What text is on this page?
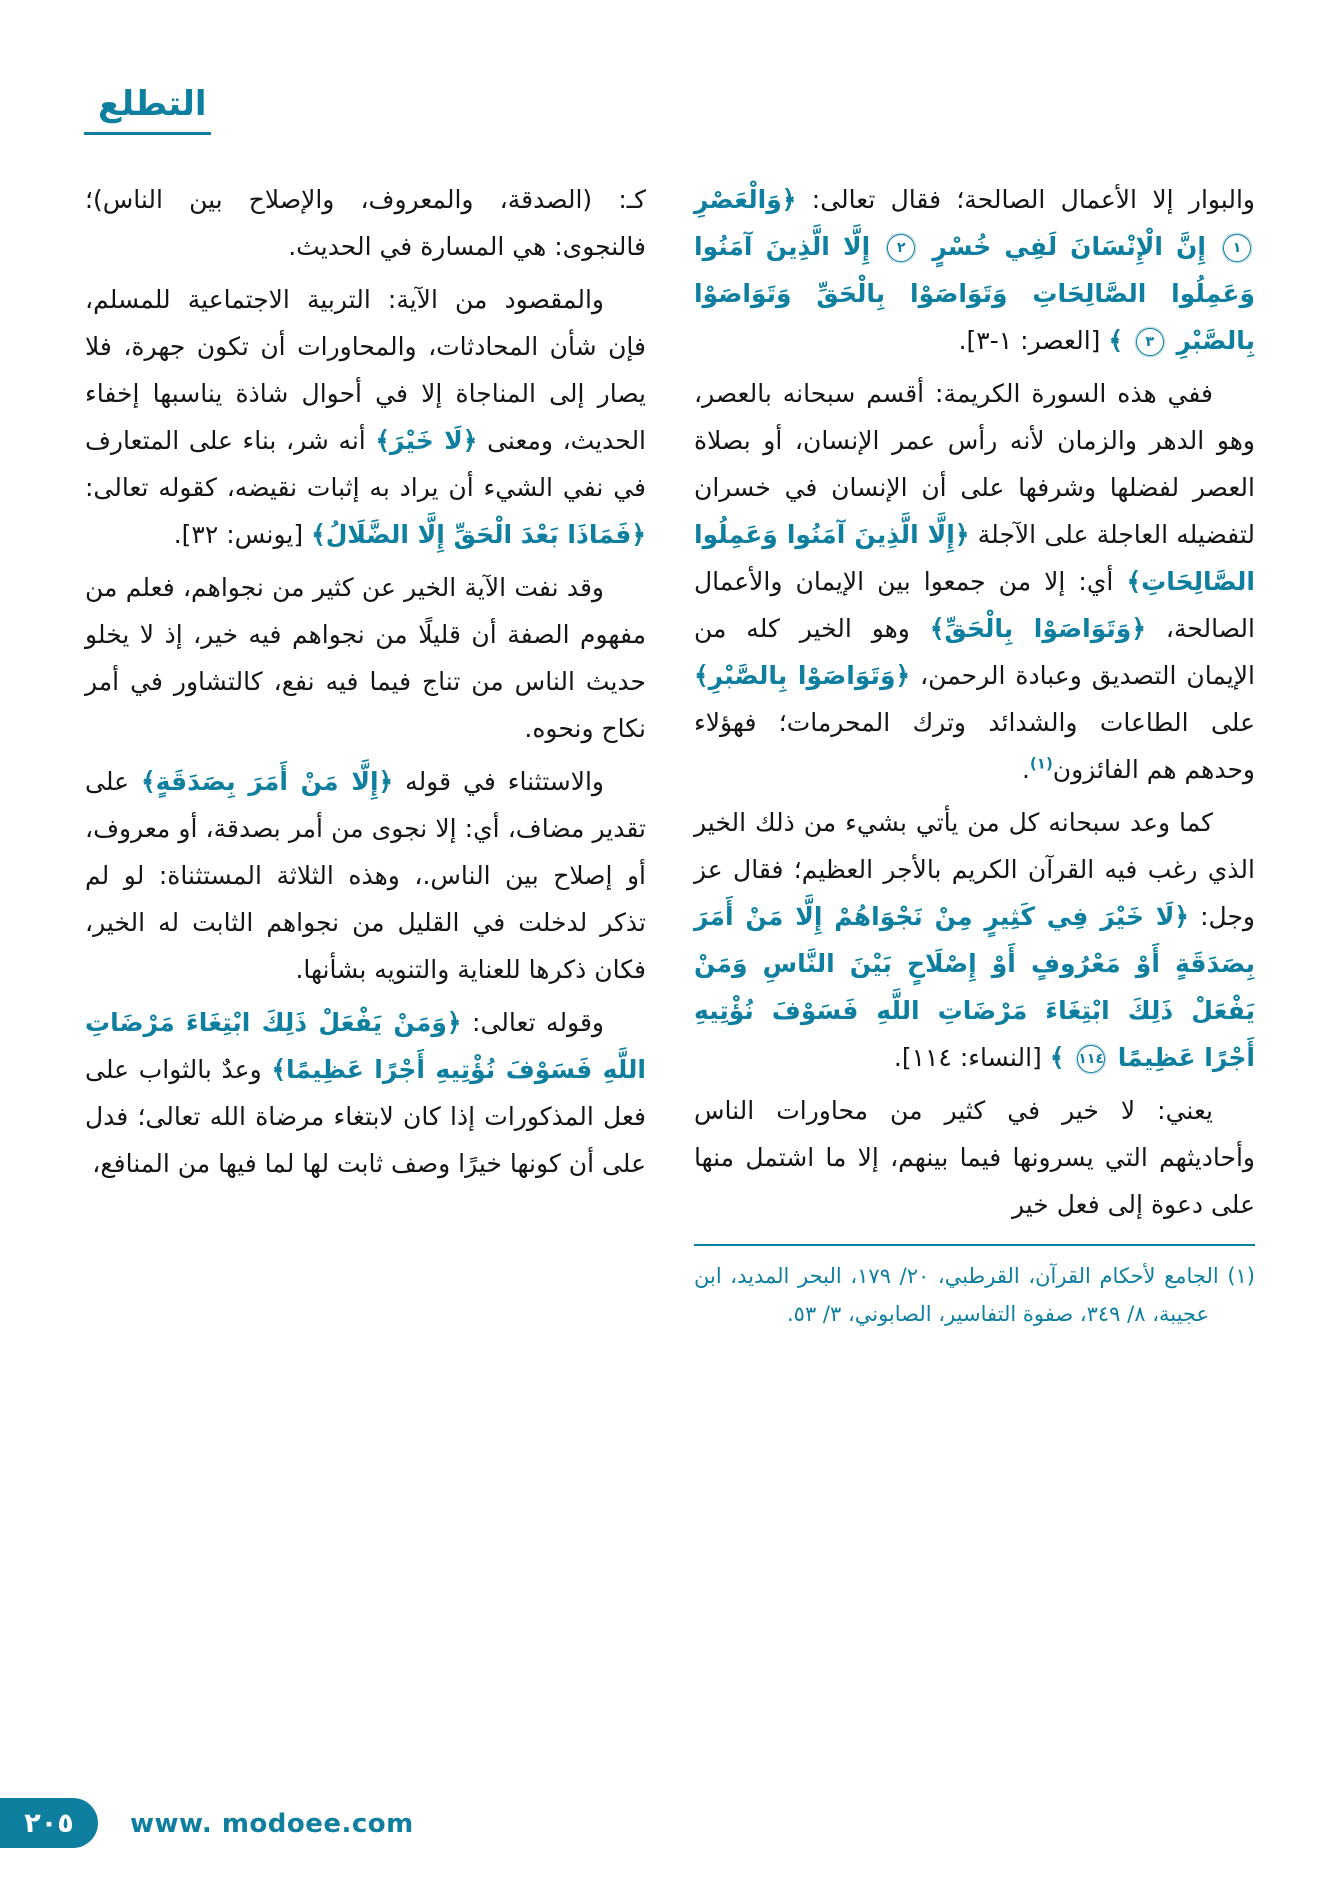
التطلع

والبوار إلا الأعمال الصالحة؛ فقال تعالى: ﴿وَالْعَصْرِ ١ إِنَّ الْإِنْسَانَ لَفِي خُسْرٍ ٢ إِلَّا الَّذِينَ آمَنُوا وَعَمِلُوا الصَّالِحَاتِ وَتَوَاصَوْا بِالْحَقِّ وَتَوَاصَوْا بِالصَّبْرِ ٣ ﴾ [العصر: ١-٣].

ففي هذه السورة الكريمة: أقسم سبحانه بالعصر، وهو الدهر والزمان لأنه رأس عمر الإنسان، أو بصلاة العصر لفضلها وشرفها على أن الإنسان في خسران لتفضيله العاجلة على الآجلة ﴿إِلَّا الَّذِينَ آمَنُوا وَعَمِلُوا الصَّالِحَاتِ﴾ أي: إلا من جمعوا بين الإيمان والأعمال الصالحة، ﴿وَتَوَاصَوْا بِالْحَقِّ﴾ وهو الخير كله من الإيمان التصديق وعبادة الرحمن، ﴿وَتَوَاصَوْا بِالصَّبْرِ﴾ على الطاعات والشدائد وترك المحرمات؛ فهؤلاء وحدهم هم الفائزون$^{(١)}$.

كما وعد سبحانه كل من يأتي بشيء من ذلك الخير الذي رغب فيه القرآن الكريم بالأجر العظيم؛ فقال عز وجل: ﴿لَا خَيْرَ فِي كَثِيرٍ مِنْ نَجْوَاهُمْ إِلَّا مَنْ أَمَرَ بِصَدَقَةٍ أَوْ مَعْرُوفٍ أَوْ إِصْلَاحٍ بَيْنَ النَّاسِ وَمَنْ يَفْعَلْ ذَلِكَ ابْتِغَاءَ مَرْضَاتِ اللَّهِ فَسَوْفَ نُؤْتِيهِ أَجْرًا عَظِيمًا ١١٤ ﴾ [النساء: ١١٤].

يعني: لا خير في كثير من محاورات الناس وأحاديثهم التي يسرونها فيما بينهم، إلا ما اشتمل منها على دعوة إلى فعل خير

(١) الجامع لأحكام القرآن، القرطبي، ٢٠/ ١٧٩، البحر المديد، ابن عجيبة، ٨/ ٣٤٩، صفوة التفاسير، الصابوني، ٣/ ٥٣.

كـ: (الصدقة، والمعروف، والإصلاح بين الناس)؛ فالنجوى: هي المسارة في الحديث.

والمقصود من الآية: التربية الاجتماعية للمسلم، فإن شأن المحادثات، والمحاورات أن تكون جهرة، فلا يصار إلى المناجاة إلا في أحوال شاذة يناسبها إخفاء الحديث، ومعنى ﴿لَا خَيْرَ﴾ أنه شر، بناء على المتعارف في نفي الشيء أن يراد به إثبات نقيضه، كقوله تعالى: ﴿فَمَاذَا بَعْدَ الْحَقِّ إِلَّا الضَّلَالُ﴾ [يونس: ٣٢].

وقد نفت الآية الخير عن كثير من نجواهم، فعلم من مفهوم الصفة أن قليلًا من نجواهم فيه خير، إذ لا يخلو حديث الناس من تناج فيما فيه نفع، كالتشاور في أمر نكاح ونحوه.

والاستثناء في قوله ﴿إِلَّا مَنْ أَمَرَ بِصَدَقَةٍ﴾ على تقدير مضاف، أي: إلا نجوى من أمر بصدقة، أو معروف، أو إصلاح بين الناس.، وهذه الثلاثة المستثناة: لو لم تذكر لدخلت في القليل من نجواهم الثابت له الخير، فكان ذكرها للعناية والتنويه بشأنها.

وقوله تعالى: ﴿وَمَنْ يَفْعَلْ ذَلِكَ ابْتِغَاءَ مَرْضَاتِ اللَّهِ فَسَوْفَ نُؤْتِيهِ أَجْرًا عَظِيمًا﴾ وعدٌ بالثواب على فعل المذكورات إذا كان لابتغاء مرضاة الله تعالى؛ فدل على أن كونها خيرًا وصف ثابت لها لما فيها من المنافع،

٢٠٥ www. modoee.com
